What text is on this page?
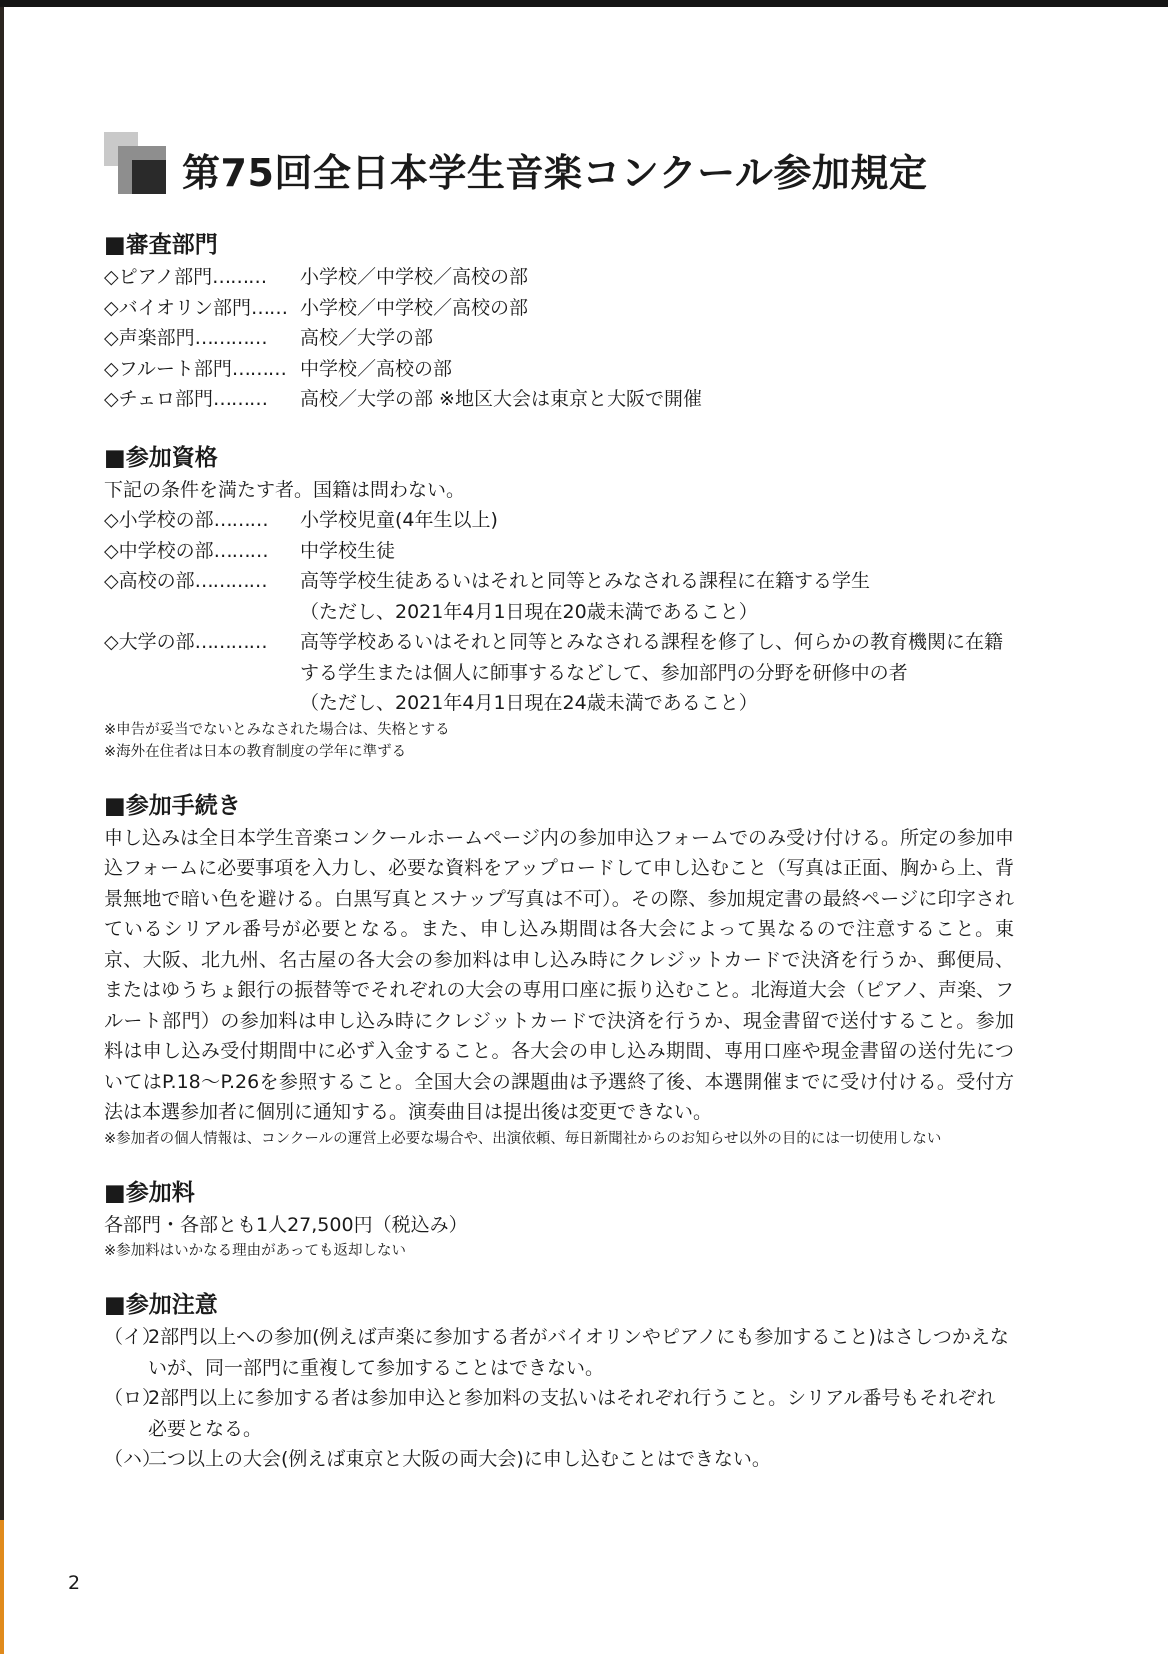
第75回全日本学生音楽コンクール参加規定
■審査部門
◇ピアノ部門………	小学校／中学校／高校の部
◇バイオリン部門…… 小学校／中学校／高校の部
◇声楽部門…………	高校／大学の部
◇フルート部門……… 中学校／高校の部
◇チェロ部門………	高校／大学の部 ※地区大会は東京と大阪で開催
■参加資格
下記の条件を満たす者。国籍は問わない。
◇小学校の部………	小学校児童(4年生以上)
◇中学校の部………	中学校生徒
◇高校の部…………	高等学校生徒あるいはそれと同等とみなされる課程に在籍する学生
（ただし、2021年4月1日現在20歳未満であること）
◇大学の部…………	高等学校あるいはそれと同等とみなされる課程を修了し、何らかの教育機関に在籍する学生または個人に師事するなどして、参加部門の分野を研修中の者
（ただし、2021年4月1日現在24歳未満であること）
※申告が妥当でないとみなされた場合は、失格とする
※海外在住者は日本の教育制度の学年に準ずる
■参加手続き

申し込みは全日本学生音楽コンクールホームページ内の参加申込フォームでのみ受け付ける。所定の参加申込フォームに必要事項を入力し、必要な資料をアップロードして申し込むこと（写真は正面、胸から上、背景無地で暗い色を避ける。白黒写真とスナップ写真は不可）。その際、参加規定書の最終ページに印字されているシリアル番号が必要となる。また、申し込み期間は各大会によって異なるので注意すること。東京、大阪、北九州、名古屋の各大会の参加料は申し込み時にクレジットカードで決済を行うか、郵便局、またはゆうちょ銀行の振替等でそれぞれの大会の専用口座に振り込むこと。北海道大会（ピアノ、声楽、フルート部門）の参加料は申し込み時にクレジットカードで決済を行うか、現金書留で送付すること。参加料は申し込み受付期間中に必ず入金すること。各大会の申し込み期間、専用口座や現金書留の送付先についてはP.18～P.26を参照すること。全国大会の課題曲は予選終了後、本選開催までに受け付ける。受付方法は本選参加者に個別に通知する。演奏曲目は提出後は変更できない。

※参加者の個人情報は、コンクールの運営上必要な場合や、出演依頼、毎日新聞社からのお知らせ以外の目的には一切使用しない
■参加料
各部門・各部とも1人27,500円（税込み）
※参加料はいかなる理由があっても返却しない
■参加注意
（イ）
2部門以上への参加(例えば声楽に参加する者がバイオリンやピアノにも参加すること)はさしつかえないが、同一部門に重複して参加することはできない。
（ロ）
2部門以上に参加する者は参加申込と参加料の支払いはそれぞれ行うこと。シリアル番号もそれぞれ必要となる。
（ハ）
二つ以上の大会(例えば東京と大阪の両大会)に申し込むことはできない。
2
